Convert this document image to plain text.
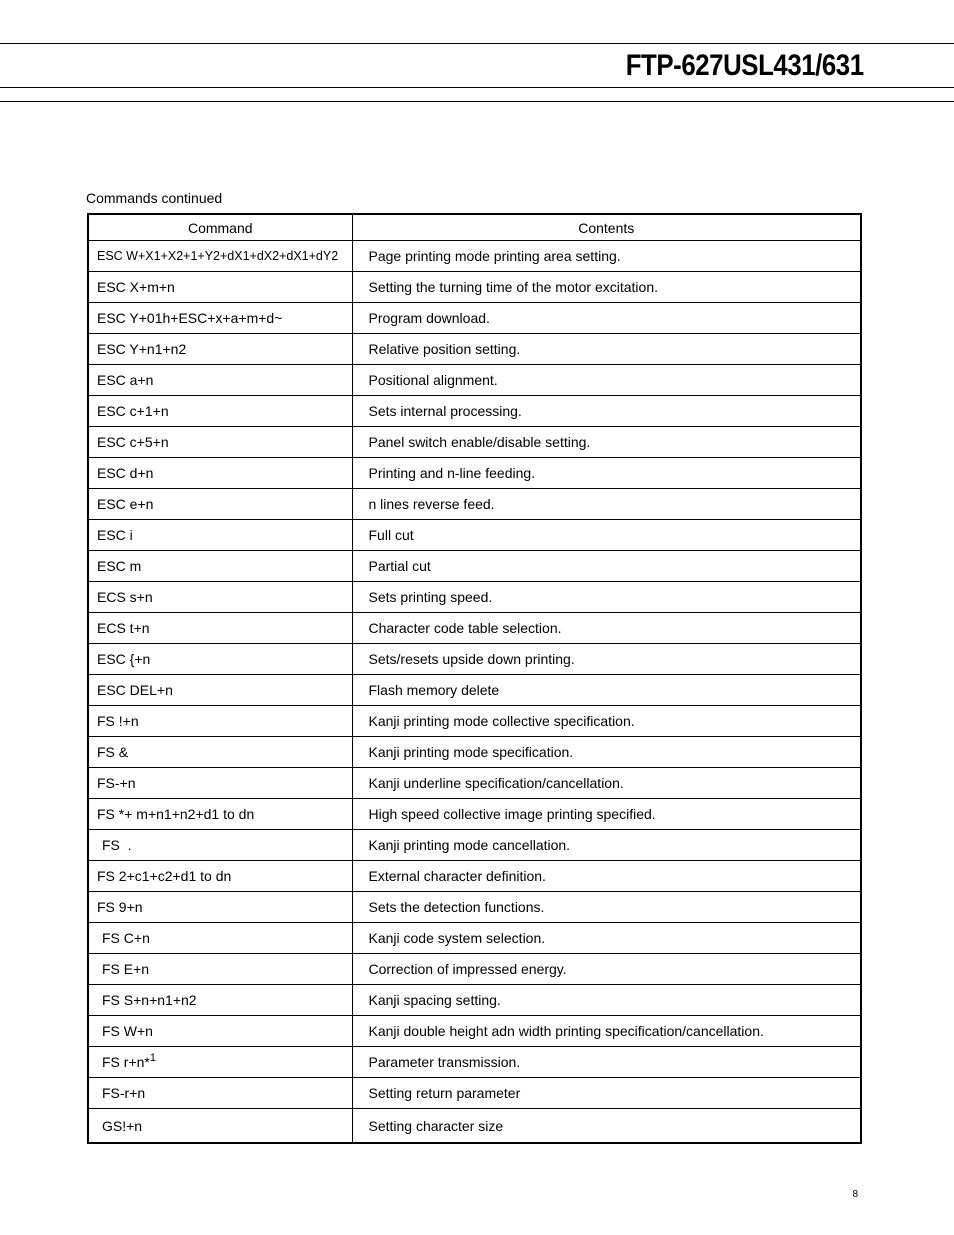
FTP-627USL431/631
Commands continued
Command	Contents
ESC W+X1+X2+1+Y2+dX1+dX2+dX1+dY2	Page printing mode printing area setting.
ESC X+m+n	Setting the turning time of the motor excitation.
ESC Y+01h+ESC+x+a+m+d~	Program download.
ESC Y+n1+n2	Relative position setting.
ESC a+n	Positional alignment.
ESC c+1+n	Sets internal processing.
ESC c+5+n	Panel switch enable/disable setting.
ESC d+n	Printing and n-line feeding.
ESC e+n	n lines reverse feed.
ESC i	Full cut
ESC m	Partial cut
ECS s+n	Sets printing speed.
ECS t+n	Character code table selection.
ESC {+n	Sets/resets upside down printing.
ESC DEL+n	Flash memory delete
FS !+n	Kanji printing mode collective specification.
FS &	Kanji printing mode specification.
FS-+n	Kanji underline specification/cancellation.
FS *+ m+n1+n2+d1 to dn	High speed collective image printing specified.
FS  .	Kanji printing mode cancellation.
FS 2+c1+c2+d1 to dn	External character definition.
FS 9+n	Sets the detection functions.
FS C+n	Kanji code system selection.
FS E+n	Correction of impressed energy.
FS S+n+n1+n2	Kanji spacing setting.
FS W+n	Kanji double height adn width printing specification/cancellation.
FS r+n*$^1$	Parameter transmission.
FS-r+n	Setting return parameter
GS!+n	Setting character size
8
